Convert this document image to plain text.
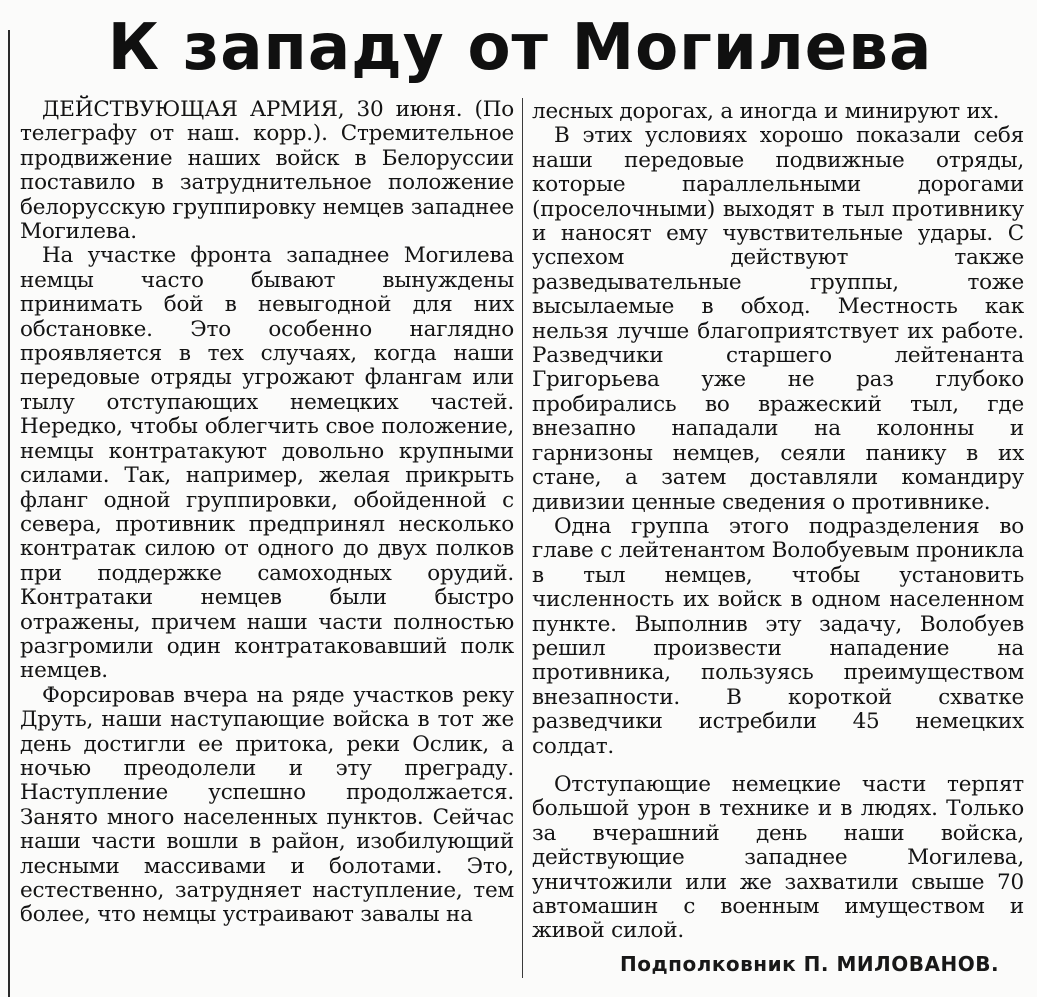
К западу от Могилева

ДЕЙСТВУЮЩАЯ АРМИЯ, 30 июня. (По телеграфу от наш. корр.). Стремительное продвижение наших войск в Белоруссии поставило в затруднительное положение белорусскую группировку немцев западнее Могилева.

На участке фронта западнее Могилева немцы часто бывают вынуждены принимать бой в невыгодной для них обстановке. Это особенно наглядно проявляется в тех случаях, когда наши передовые отряды угрожают флангам или тылу отступающих немецких частей. Нередко, чтобы облегчить свое положение, немцы контратакуют довольно крупными силами. Так, например, желая прикрыть фланг одной группировки, обойденной с севера, противник предпринял несколько контратак силою от одного до двух полков при поддержке самоходных орудий. Контратаки немцев были быстро отражены, причем наши части полностью разгромили один контратаковавший полк немцев.

Форсировав вчера на ряде участков реку Друть, наши наступающие войска в тот же день достигли ее притока, реки Ослик, а ночью преодолели и эту преграду. Наступление успешно продолжается. Занято много населенных пунктов. Сейчас наши части вошли в район, изобилующий лесными массивами и болотами. Это, естественно, затрудняет наступление, тем более, что немцы устраивают завалы на

лесных дорогах, а иногда и минируют их.

В этих условиях хорошо показали себя наши передовые подвижные отряды, которые параллельными дорогами (проселочными) выходят в тыл противнику и наносят ему чувствительные удары. С успехом действуют также разведывательные группы, тоже высылаемые в обход. Местность как нельзя лучше благоприятствует их работе. Разведчики старшего лейтенанта Григорьева уже не раз глубоко пробирались во вражеский тыл, где внезапно нападали на колонны и гарнизоны немцев, сеяли панику в их стане, а затем доставляли командиру дивизии ценные сведения о противнике.

Одна группа этого подразделения во главе с лейтенантом Волобуевым проникла в тыл немцев, чтобы установить численность их войск в одном населенном пункте. Выполнив эту задачу, Волобуев решил произвести нападение на противника, пользуясь преимуществом внезапности. В короткой схватке разведчики истребили 45 немецких солдат.

Отступающие немецкие части терпят большой урон в технике и в людях. Только за вчерашний день наши войска, действующие западнее Могилева, уничтожили или же захватили свыше 70 автомашин с военным имуществом и живой силой.

Подполковник П. МИЛОВАНОВ.
